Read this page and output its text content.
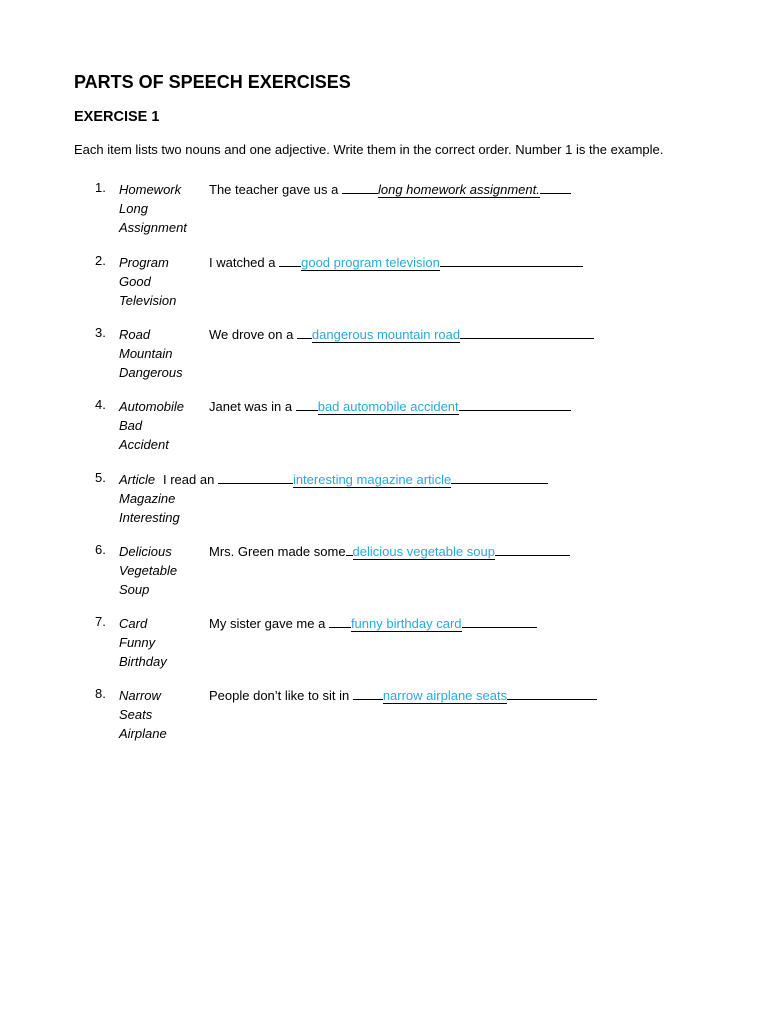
PARTS OF SPEECH EXERCISES
EXERCISE 1
Each item lists two nouns and one adjective. Write them in the correct order. Number 1 is the example.
1. Homework
Long
Assignment
The teacher gave us a	long homework assignment.
2. Program
Good
Television
I watched a good program television
3. Road
Mountain
Dangerous
We drove on a dangerous mountain road
4. Automobile
Bad
Accident
Janet was in a bad automobile accident
5. Article
Magazine
Interesting
I read an	interesting magazine article
6. Delicious
Vegetable
Soup
Mrs. Green made some delicious vegetable soup
7. Card
Funny
Birthday
My sister gave me a funny birthday card
8. Narrow
Seats
Airplane
People don’t like to sit in narrow airplane seats
